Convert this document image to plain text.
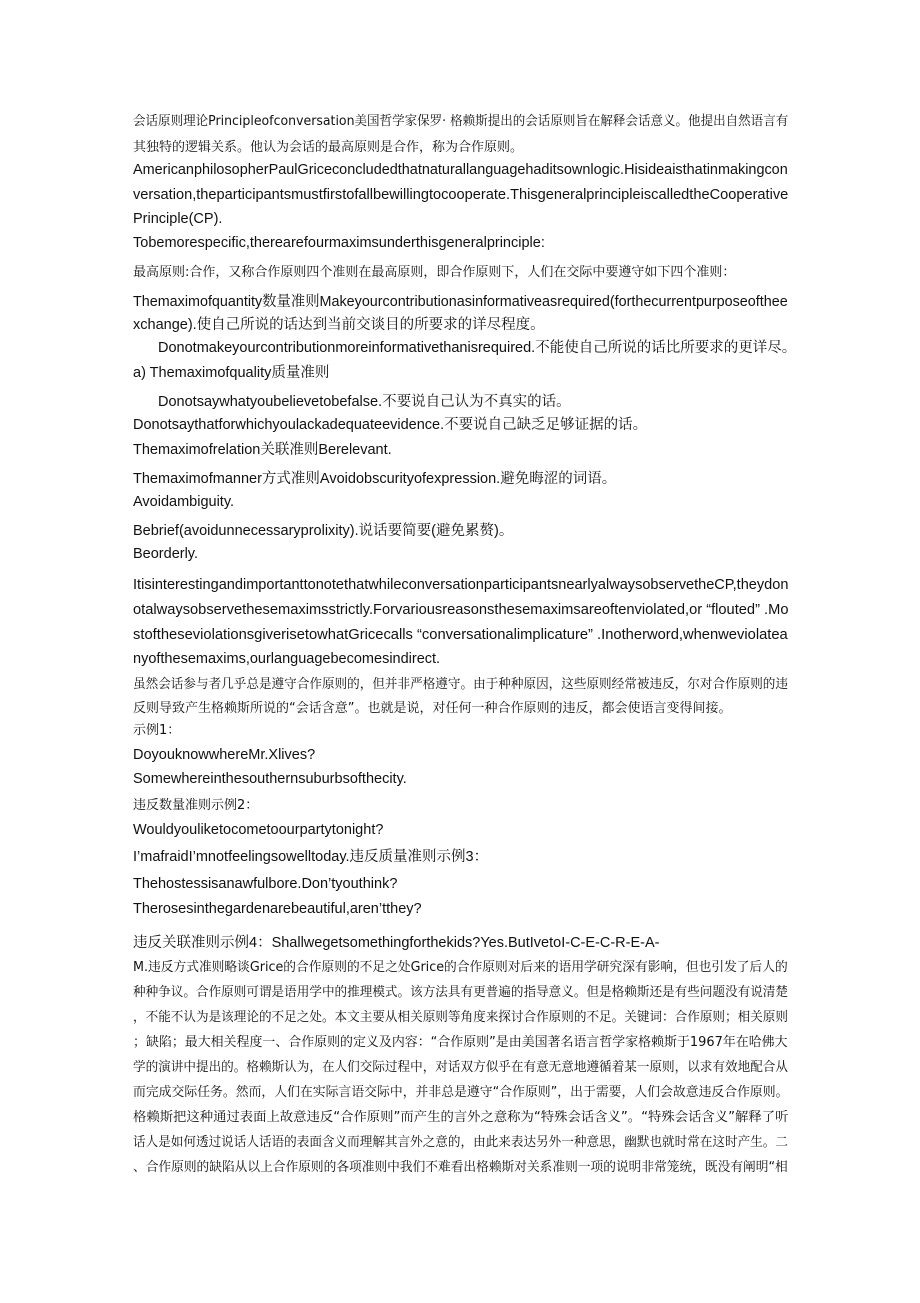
会话原则理论Principleofconversation美国哲学家保罗· 格赖斯提出的会话原则旨在解释会话意义。他提出自然语言有
其独特的逻辑关系。他认为会话的最高原则是合作，称为合作原则。
AmericanphilosopherPaulGriceconcludedthatnaturallanguagehaditsownlogic.Hisideaisthatinmakingcon
versation,theparticipantsmustfirstofallbewillingtocooperate.ThisgeneralprincipleiscalledtheCooperative
Principle(CP).
Tobemorespecific,therearefourmaximsunderthisgeneralprinciple:
最高原则:合作，又称合作原则四个准则在最高原则，即合作原则下，人们在交际中要遵守如下四个准则：
Themaximofquantity数量准则Makeyourcontributionasinformativeasrequired(forthecurrentpurposeofthee
xchange).使自己所说的话达到当前交谈目的所要求的详尽程度。
Donotmakeyourcontributionmoreinformativethanisrequired.不能使自己所说的话比所要求的更详尽。
a) Themaximofquality质量准则
Donotsaywhatyoubelievetobefalse.不要说自己认为不真实的话。
Donotsaythatforwhichyoulackadequateevidence.不要说自己缺乏足够证据的话。
Themaximofrelation关联准则Berelevant.
Themaximofmanner方式准则Avoidobscurityofexpression.避免晦涩的词语。
Avoidambiguity.
Bebrief(avoidunnecessaryprolixity).说话要简要(避免累赘)。
Beorderly.
ItisinterestingandimportanttonotethatwhileconversationparticipantsnearlyalwaysobservetheCP,theydon
otalwaysobservethesemaximsstrictly.Forvariousreasonsthesemaximsareoftenviolated,or “flouted” .Mo
stoftheseviolationsgiverisetowhatGricecalls “conversationalimplicature” .Inotherword,whenweviolatea
nyofthesemaxims,ourlanguagebecomesindirect.
虽然会话参与者几乎总是遵守合作原则的，但并非严格遵守。由于种种原因，这些原则经常被违反，尔对合作原则的违
反则导致产生格赖斯所说的“会话含意”。也就是说，对任何一种合作原则的违反，都会使语言变得间接。
示例1：
DoyouknowwhereMr.Xlives?
Somewhereinthesouthernsuburbsofthecity.
违反数量准则示例2：
Wouldyouliketocometoourpartytonight?
I’mafraidI’mnotfeelingsowelltoday.违反质量准则示例3：
Thehostessisanawfulbore.Don’tyouthink?
Therosesinthegardenarebeautiful,aren’tthey?
违反关联准则示例4：Shallwegetsomethingforthekids?Yes.ButIvetoI-C-E-C-R-E-A-
M.违反方式准则略谈Grice的合作原则的不足之处Grice的合作原则对后来的语用学研究深有影响，但也引发了后人的
种种争议。合作原则可谓是语用学中的推理模式。该方法具有更普遍的指导意义。但是格赖斯还是有些问题没有说清楚
，不能不认为是该理论的不足之处。本文主要从相关原则等角度来探讨合作原则的不足。关键词：合作原则；相关原则
；缺陷；最大相关程度一、合作原则的定义及内容：“合作原则”是由美国著名语言哲学家格赖斯于1967年在哈佛大
学的演讲中提出的。格赖斯认为，在人们交际过程中，对话双方似乎在有意无意地遵循着某一原则，以求有效地配合从
而完成交际任务。然而，人们在实际言语交际中，并非总是遵守“合作原则”，出于需要，人们会故意违反合作原则。
格赖斯把这种通过表面上故意违反“合作原则”而产生的言外之意称为“特殊会话含义”。“特殊会话含义”解释了听
话人是如何透过说话人话语的表面含义而理解其言外之意的，由此来表达另外一种意思，幽默也就时常在这时产生。二
、合作原则的缺陷从以上合作原则的各项准则中我们不难看出格赖斯对关系准则一项的说明非常笼统，既没有阐明“相
